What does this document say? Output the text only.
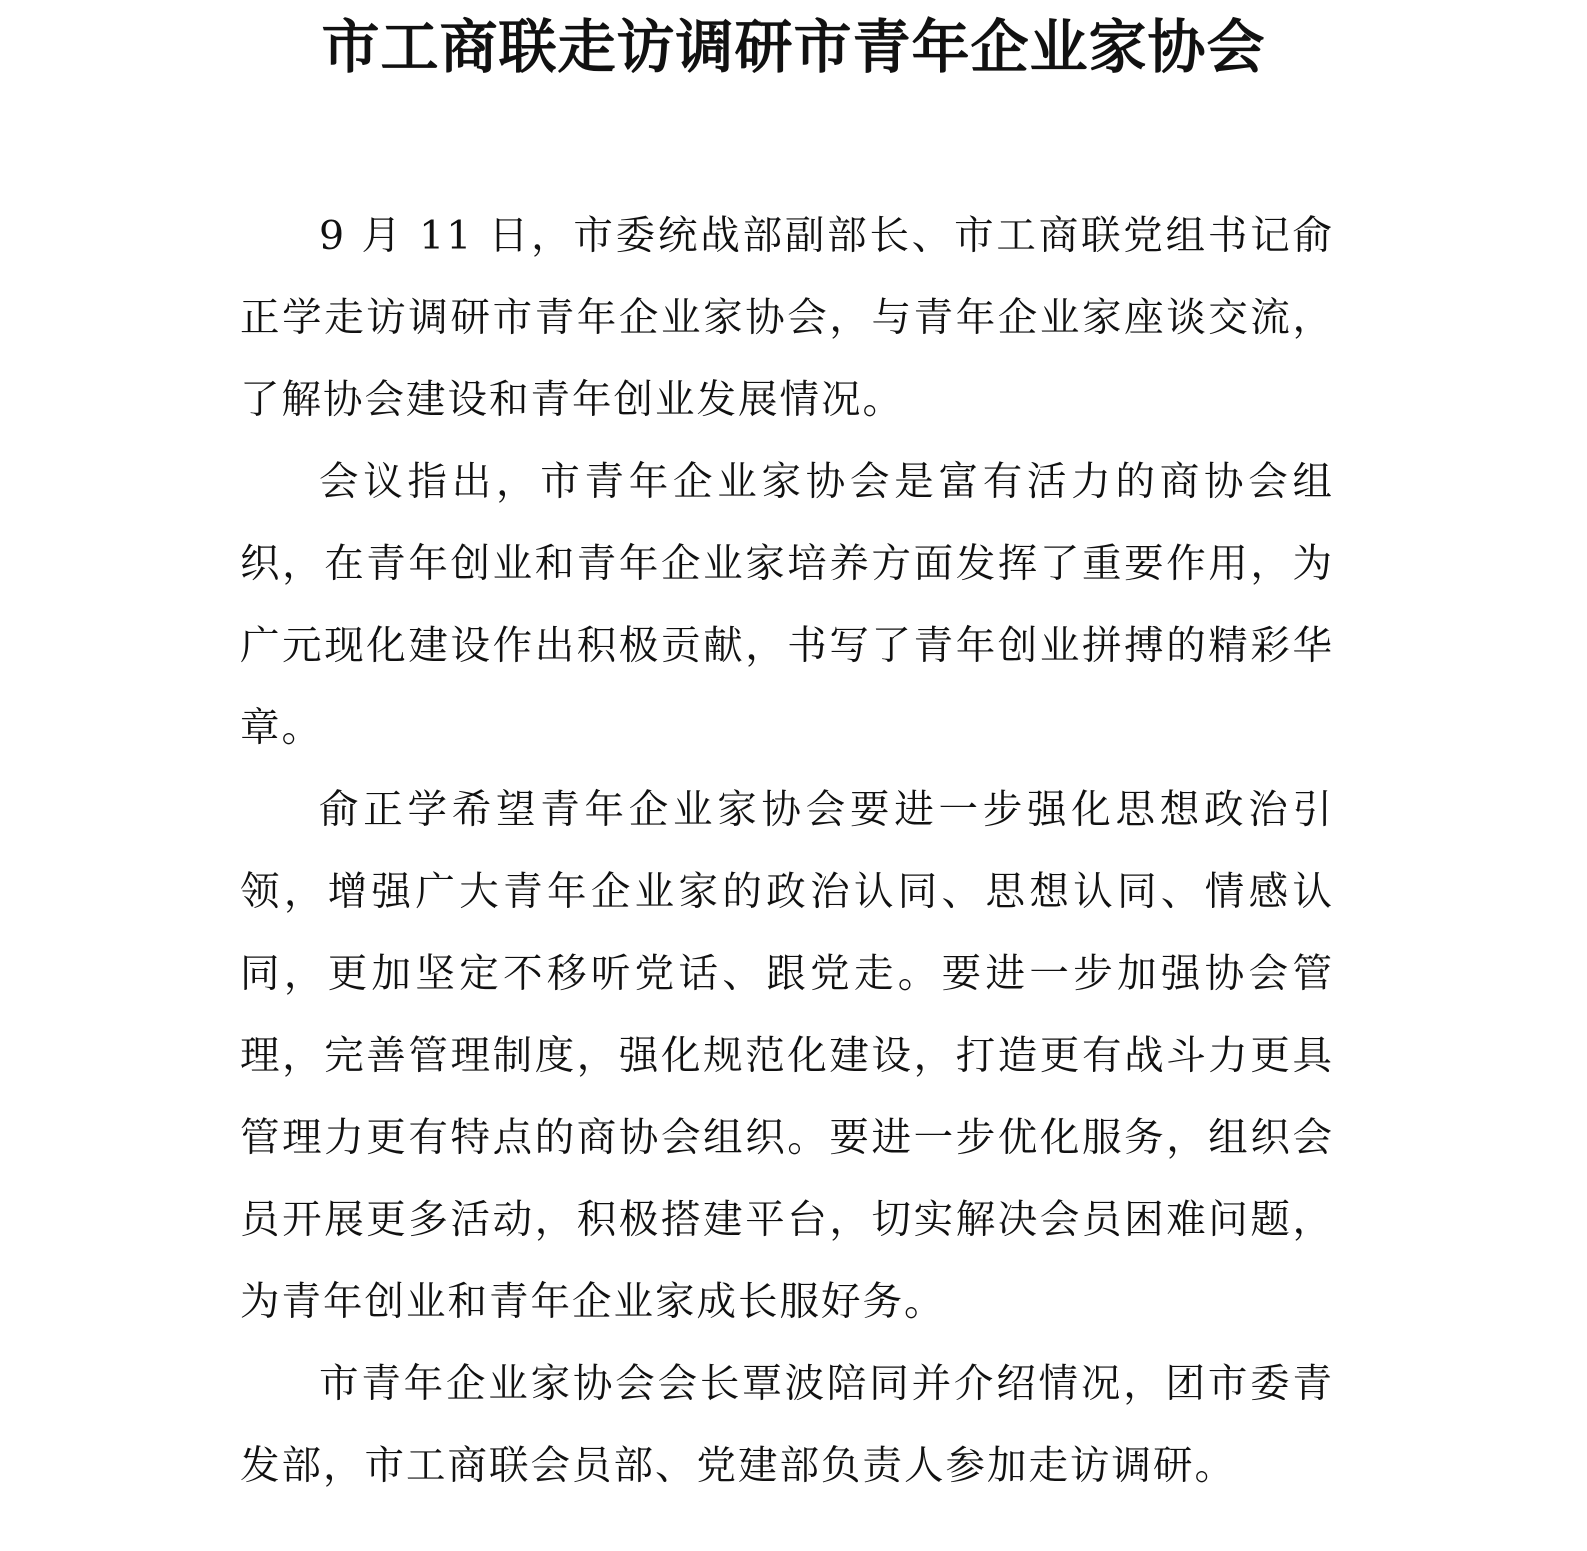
市工商联走访调研市青年企业家协会

9 月 11 日，市委统战部副部长、市工商联党组书记俞正学走访调研市青年企业家协会，与青年企业家座谈交流，了解协会建设和青年创业发展情况。

会议指出，市青年企业家协会是富有活力的商协会组织，在青年创业和青年企业家培养方面发挥了重要作用，为广元现化建设作出积极贡献，书写了青年创业拼搏的精彩华章。

俞正学希望青年企业家协会要进一步强化思想政治引领，增强广大青年企业家的政治认同、思想认同、情感认同，更加坚定不移听党话、跟党走。要进一步加强协会管理，完善管理制度，强化规范化建设，打造更有战斗力更具管理力更有特点的商协会组织。要进一步优化服务，组织会员开展更多活动，积极搭建平台，切实解决会员困难问题，为青年创业和青年企业家成长服好务。

市青年企业家协会会长覃波陪同并介绍情况，团市委青发部，市工商联会员部、党建部负责人参加走访调研。
